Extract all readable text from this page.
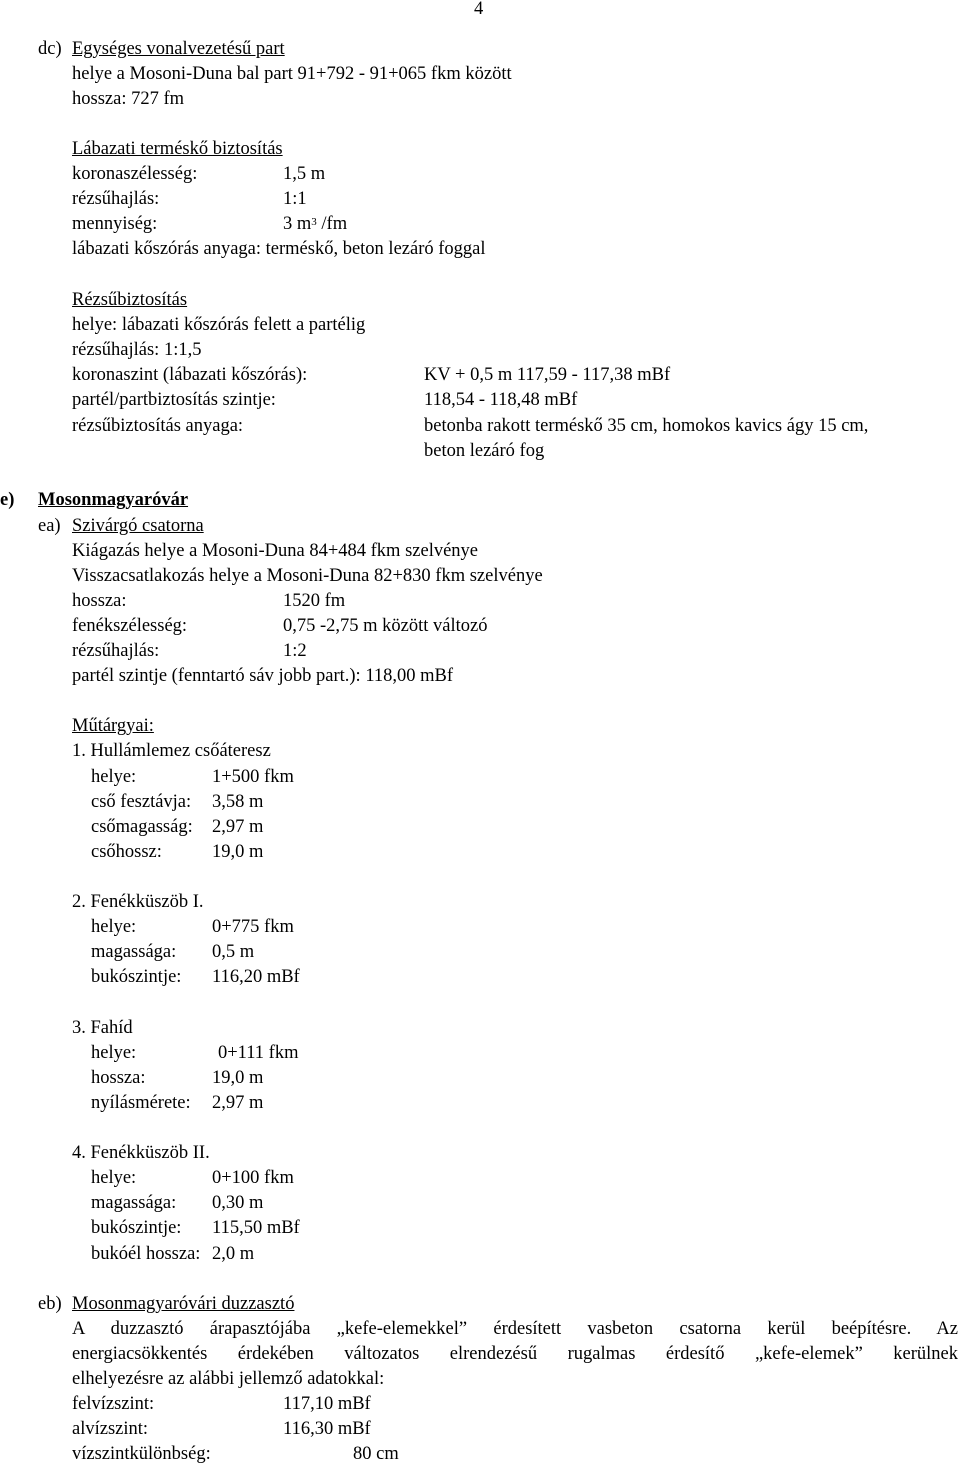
4
dc) Egységes vonalvezetésű part
helye a Mosoni-Duna bal part 91+792 - 91+065 fkm között
hossza: 727 fm
Lábazati terméskő biztosítás
koronaszélesség:	1,5 m
rézsűhajlás:	1:1
mennyiség:	3 $m^3$ /fm
lábazati kőszórás anyaga: terméskő, beton lezáró foggal
Rézsűbiztosítás
helye: lábazati kőszórás felett a partélig
rézsűhajlás: 1:1,5
koronaszint (lábazati kőszórás):	KV + 0,5 m 117,59 - 117,38 mBf
partél/partbiztosítás szintje:	118,54 - 118,48 mBf
rézsűbiztosítás anyaga:	betonba rakott terméskő 35 cm, homokos kavics ágy 15 cm,
beton lezáró fog
e) Mosonmagyaróvár
ea) Szivárgó csatorna
Kiágazás helye a Mosoni-Duna 84+484 fkm szelvénye
Visszacsatlakozás helye a Mosoni-Duna 82+830 fkm szelvénye
hossza:	1520 fm
fenékszélesség:	0,75 -2,75 m között változó
rézsűhajlás:	1:2
partél szintje (fenntartó sáv jobb part.): 118,00 mBf
Műtárgyai:
1. Hullámlemez csőáteresz
helye:	1+500 fkm
cső fesztávja: 3,58 m
csőmagasság: 2,97 m
csőhossz:	19,0 m
2. Fenékküszöb I.
helye:	0+775 fkm
magassága: 0,5 m
bukószintje: 116,20 mBf
3. Fahíd
helye:	0+111 fkm
hossza:	19,0 m
nyílásmérete: 2,97 m
4. Fenékküszöb II.
helye:	0+100 fkm
magassága: 0,30 m
bukószintje: 115,50 mBf
bukóél hossza: 2,0 m
eb) Mosonmagyaróvári duzzasztó
A duzzasztó árapasztójába „kefe-elemekkel” érdesített vasbeton csatorna kerül beépítésre. Az
energiacsökkentés érdekében változatos elrendezésű rugalmas érdesítő „kefe-elemek” kerülnek
elhelyezésre az alábbi jellemző adatokkal:
felvízszint:	117,10 mBf
alvízszint:	116,30 mBf
vízszintkülönbség:	80 cm
